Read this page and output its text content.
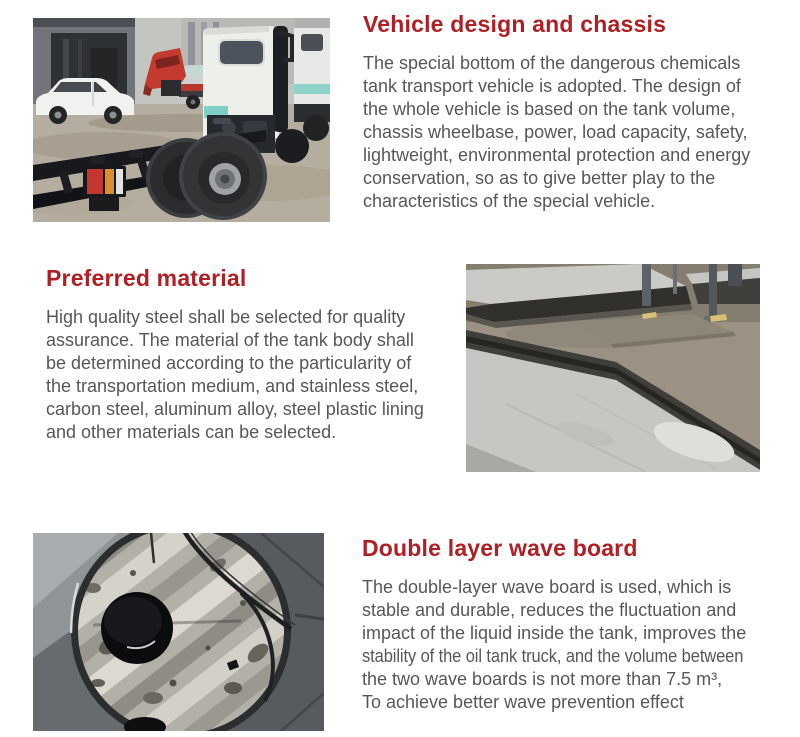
Vehicle design and chassis
The special bottom of the dangerous chemicals
tank transport vehicle is adopted. The design of
the whole vehicle is based on the tank volume,
chassis wheelbase, power, load capacity, safety,
lightweight, environmental protection and energy
conservation, so as to give better play to the
characteristics of the special vehicle.
Preferred material
High quality steel shall be selected for quality
assurance. The material of the tank body shall
be determined according to the particularity of
the transportation medium, and stainless steel,
carbon steel, aluminum alloy, steel plastic lining
and other materials can be selected.
Double layer wave board
The double-layer wave board is used, which is
stable and durable, reduces the fluctuation and
impact of the liquid inside the tank, improves the
stability of the oil tank truck, and the volume between
the two wave boards is not more than 7.5 m³,
To achieve better wave prevention effect
